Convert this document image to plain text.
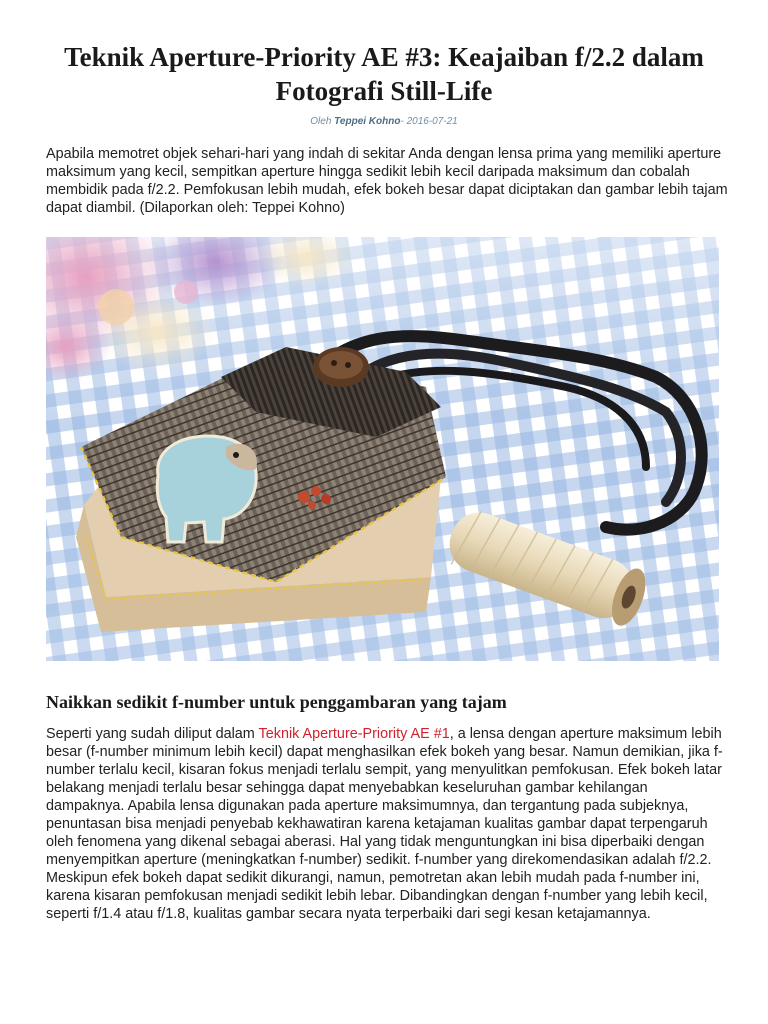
Teknik Aperture-Priority AE #3: Keajaiban f/2.2 dalam Fotografi Still-Life
Oleh Teppei Kohno- 2016-07-21

Apabila memotret objek sehari-hari yang indah di sekitar Anda dengan lensa prima yang memiliki aperture maksimum yang kecil, sempitkan aperture hingga sedikit lebih kecil daripada maksimum dan cobalah membidik pada f/2.2. Pemfokusan lebih mudah, efek bokeh besar dapat diciptakan dan gambar lebih tajam dapat diambil. (Dilaporkan oleh: Teppei Kohno)

Naikkan sedikit f-number untuk penggambaran yang tajam

Seperti yang sudah diliput dalam Teknik Aperture-Priority AE #1, a lensa dengan aperture maksimum lebih besar (f-number minimum lebih kecil) dapat menghasilkan efek bokeh yang besar. Namun demikian, jika f-number terlalu kecil, kisaran fokus menjadi terlalu sempit, yang menyulitkan pemfokusan. Efek bokeh latar belakang menjadi terlalu besar sehingga dapat menyebabkan keseluruhan gambar kehilangan dampaknya. Apabila lensa digunakan pada aperture maksimumnya, dan tergantung pada subjeknya, penuntasan bisa menjadi penyebab kekhawatiran karena ketajaman kualitas gambar dapat terpengaruh oleh fenomena yang dikenal sebagai aberasi. Hal yang tidak menguntungkan ini bisa diperbaiki dengan menyempitkan aperture (meningkatkan f-number) sedikit. f-number yang direkomendasikan adalah f/2.2. Meskipun efek bokeh dapat sedikit dikurangi, namun, pemotretan akan lebih mudah pada f-number ini, karena kisaran pemfokusan menjadi sedikit lebih lebar. Dibandingkan dengan f-number yang lebih kecil, seperti f/1.4 atau f/1.8, kualitas gambar secara nyata terperbaiki dari segi kesan ketajamannya.
